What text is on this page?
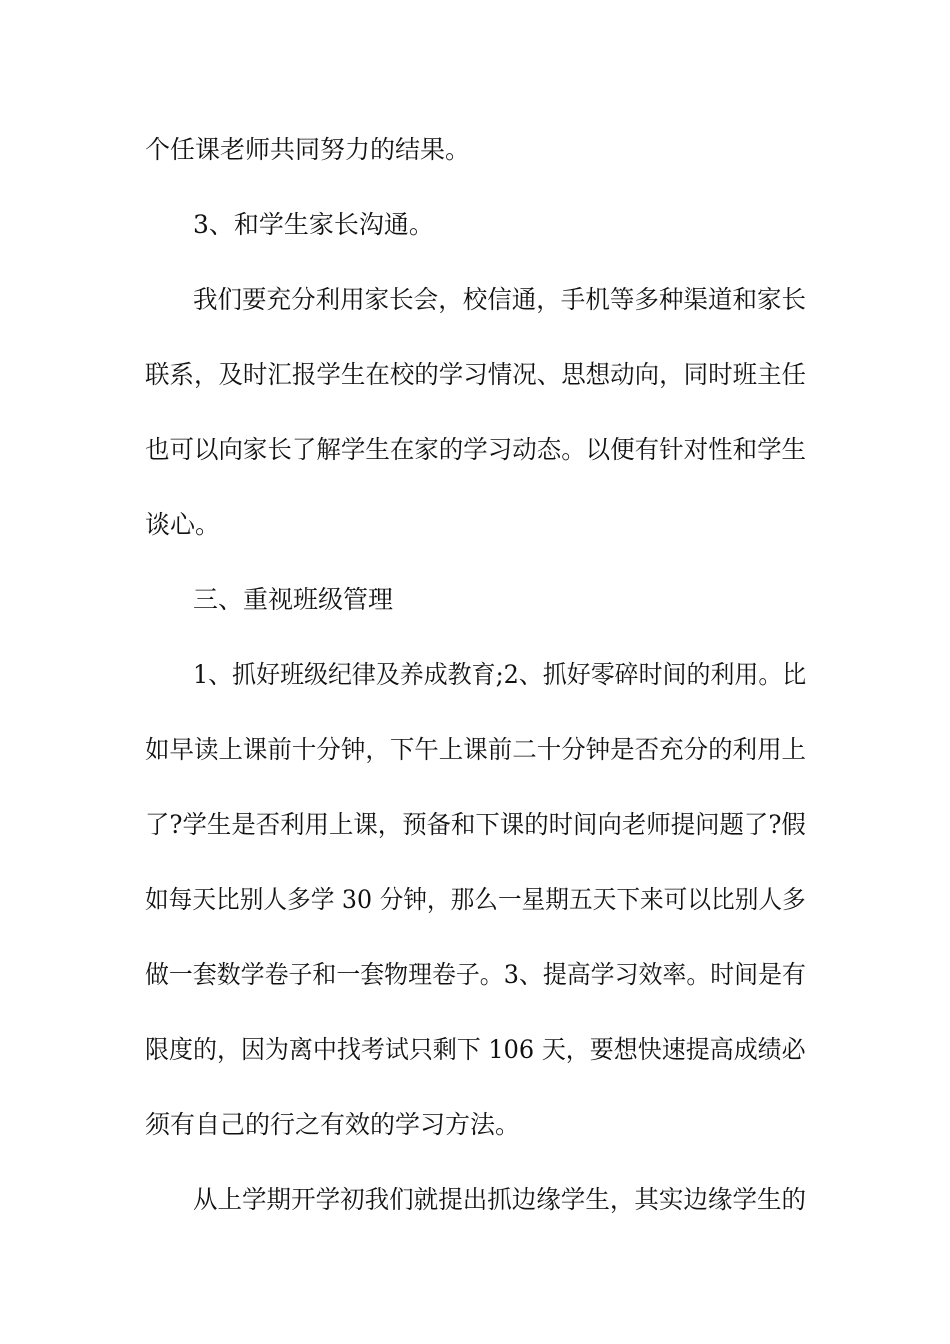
个任课老师共同努力的结果。
3、和学生家长沟通。
我们要充分利用家长会，校信通，手机等多种渠道和家长
联系，及时汇报学生在校的学习情况、思想动向，同时班主任
也可以向家长了解学生在家的学习动态。以便有针对性和学生
谈心。
三、重视班级管理
1、抓好班级纪律及养成教育;2、抓好零碎时间的利用。比
如早读上课前十分钟，下午上课前二十分钟是否充分的利用上
了?学生是否利用上课，预备和下课的时间向老师提问题了?假
如每天比别人多学 30 分钟，那么一星期五天下来可以比别人多
做一套数学卷子和一套物理卷子。3、提高学习效率。时间是有
限度的，因为离中找考试只剩下 106 天，要想快速提高成绩必
须有自己的行之有效的学习方法。
从上学期开学初我们就提出抓边缘学生，其实边缘学生的
